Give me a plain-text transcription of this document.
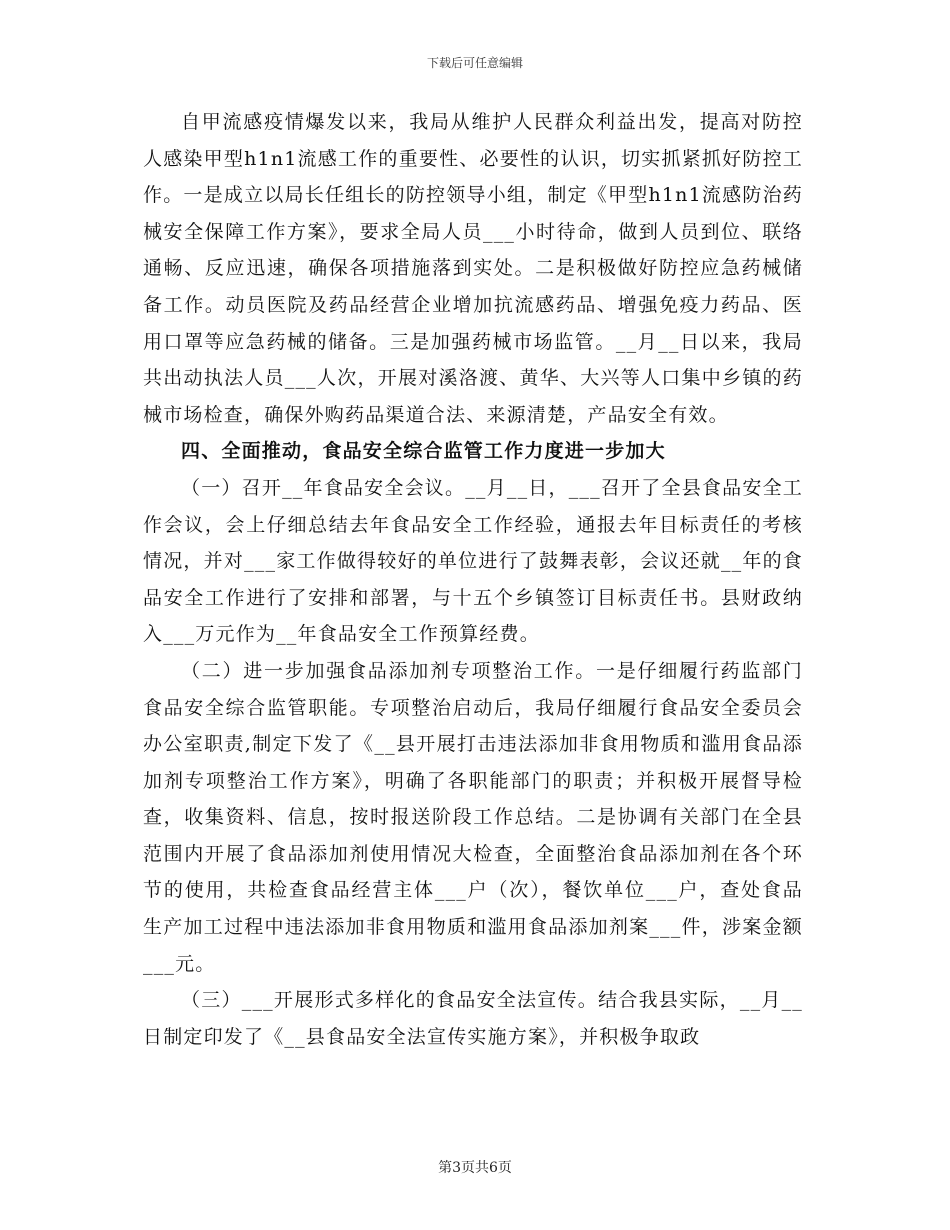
下载后可任意编辑

自甲流感疫情爆发以来，我局从维护人民群众利益出发，提高对防控人感染甲型h1n1流感工作的重要性、必要性的认识，切实抓紧抓好防控工作。一是成立以局长任组长的防控领导小组，制定《甲型h1n1流感防治药械安全保障工作方案》，要求全局人员___小时待命，做到人员到位、联络通畅、反应迅速，确保各项措施落到实处。二是积极做好防控应急药械储备工作。动员医院及药品经营企业增加抗流感药品、增强免疫力药品、医用口罩等应急药械的储备。三是加强药械市场监管。__月__日以来，我局共出动执法人员___人次，开展对溪洛渡、黄华、大兴等人口集中乡镇的药械市场检查，确保外购药品渠道合法、来源清楚，产品安全有效。

四、全面推动，食品安全综合监管工作力度进一步加大

（一）召开__年食品安全会议。__月__日，___召开了全县食品安全工作会议，会上仔细总结去年食品安全工作经验，通报去年目标责任的考核情况，并对___家工作做得较好的单位进行了鼓舞表彰，会议还就__年的食品安全工作进行了安排和部署，与十五个乡镇签订目标责任书。县财政纳入___万元作为__年食品安全工作预算经费。

（二）进一步加强食品添加剂专项整治工作。一是仔细履行药监部门食品安全综合监管职能。专项整治启动后，我局仔细履行食品安全委员会办公室职责,制定下发了《__县开展打击违法添加非食用物质和滥用食品添加剂专项整治工作方案》，明确了各职能部门的职责；并积极开展督导检查，收集资料、信息，按时报送阶段工作总结。二是协调有关部门在全县范围内开展了食品添加剂使用情况大检查，全面整治食品添加剂在各个环节的使用，共检查食品经营主体___户（次），餐饮单位___户，查处食品生产加工过程中违法添加非食用物质和滥用食品添加剂案___件，涉案金额___元。

（三）___开展形式多样化的食品安全法宣传。结合我县实际，__月__日制定印发了《__县食品安全法宣传实施方案》，并积极争取政

第3页共6页
